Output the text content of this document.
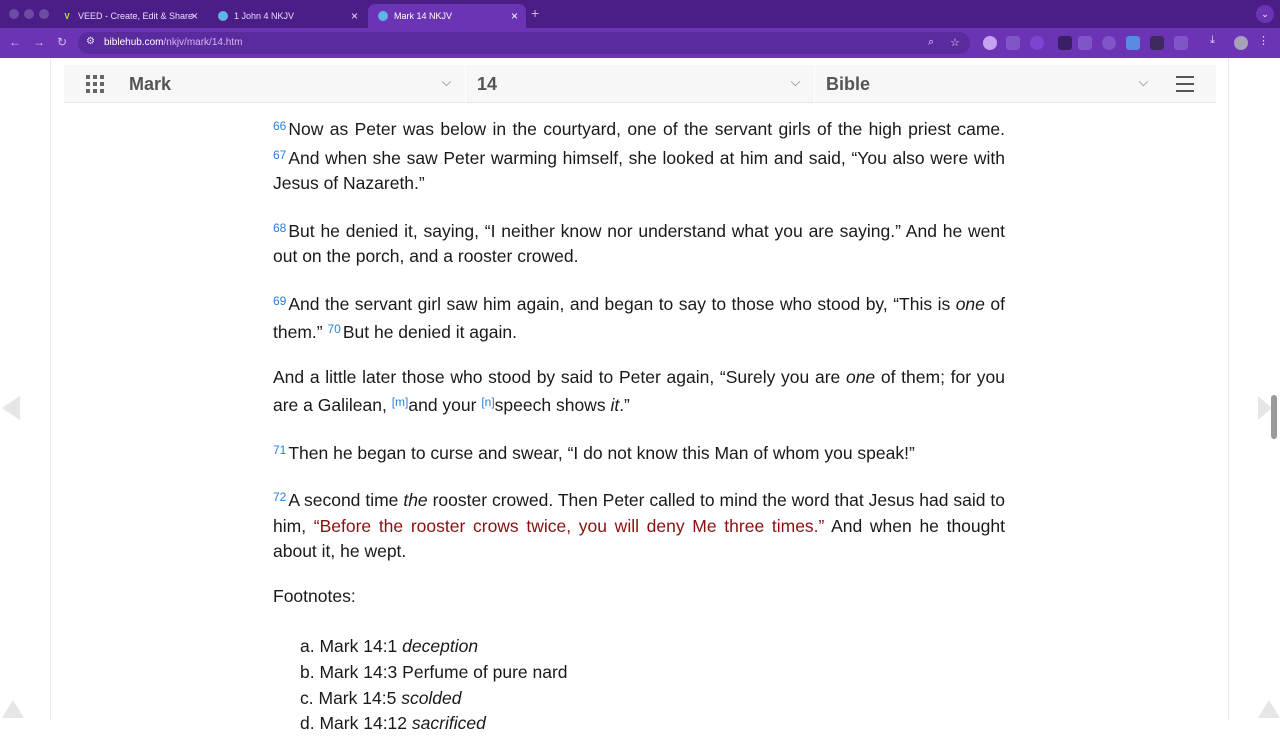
V VEED - Create, Edit & Share
×	1 John 4 NKJV	×	Mark 14 NKJV	× +	⌄
← → ↻ ⚙ biblehub.com/nkjv/mark/14.htm	⌕ ☆	⤓	⋮
Mark	⌵ 14	⌵ Bible	⌵

$^{66}$ Now as Peter was below in the courtyard, one of the servant girls of the high priest came. $^{67}$ And when she saw Peter warming himself, she looked at him and said, “You also were with Jesus of Nazareth.”

$^{68}$ But he denied it, saying, “I neither know nor understand what you are saying.” And he went out on the porch, and a rooster crowed.

$^{69}$ And the servant girl saw him again, and began to say to those who stood by, “This is one of them.” $^{70}$ But he denied it again.

And a little later those who stood by said to Peter again, “Surely you are one of them; for you are a Galilean, [m]and your [n]speech shows it.”

$^{71}$ Then he began to curse and swear, “I do not know this Man of whom you speak!”

$^{72}$ A second time the rooster crowed. Then Peter called to mind the word that Jesus had said to him, “Before the rooster crows twice, you will deny Me three times.” And when he thought about it, he wept.

Footnotes:
a. Mark 14:1 deception
b. Mark 14:3 Perfume of pure nard
c. Mark 14:5 scolded
d. Mark 14:12 sacrificed
